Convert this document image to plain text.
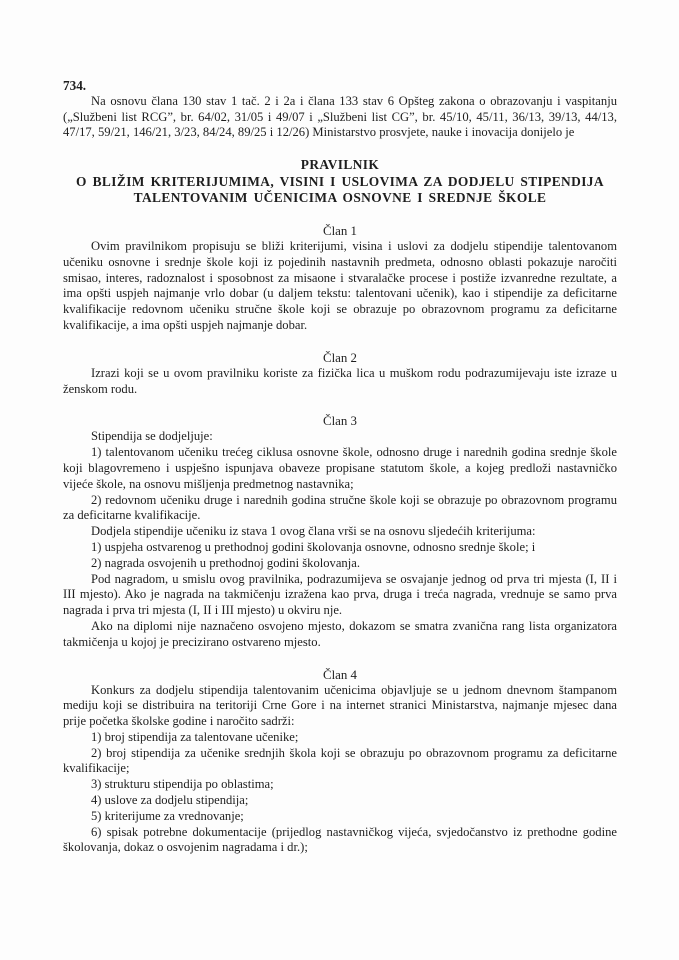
734.

Na osnovu člana 130 stav 1 tač. 2 i 2a i člana 133 stav 6 Opšteg zakona o obrazovanju i vaspitanju („Službeni list RCG”, br. 64/02, 31/05 i 49/07 i „Službeni list CG”, br. 45/10, 45/11, 36/13, 39/13, 44/13, 47/17, 59/21, 146/21, 3/23, 84/24, 89/25 i 12/26) Ministarstvo prosvjete, nauke i inovacija donijelo je

PRAVILNIK
O BLIŽIM KRITERIJUMIMA, VISINI I USLOVIMA ZA DODJELU STIPENDIJA
TALENTOVANIM UČENICIMA OSNOVNE I SREDNJE ŠKOLE
Član 1

Ovim pravilnikom propisuju se bliži kriterijumi, visina i uslovi za dodjelu stipendije talentovanom učeniku osnovne i srednje škole koji iz pojedinih nastavnih predmeta, odnosno oblasti pokazuje naročiti smisao, interes, radoznalost i sposobnost za misaone i stvaralačke procese i postiže izvanredne rezultate, a ima opšti uspjeh najmanje vrlo dobar (u daljem tekstu: talentovani učenik), kao i stipendije za deficitarne kvalifikacije redovnom učeniku stručne škole koji se obrazuje po obrazovnom programu za deficitarne kvalifikacije, a ima opšti uspjeh najmanje dobar.

Član 2

Izrazi koji se u ovom pravilniku koriste za fizička lica u muškom rodu podrazumijevaju iste izraze u ženskom rodu.

Član 3

Stipendija se dodjeljuje:

1) talentovanom učeniku trećeg ciklusa osnovne škole, odnosno druge i narednih godina srednje škole koji blagovremeno i uspješno ispunjava obaveze propisane statutom škole, a kojeg predloži nastavničko vijeće škole, na osnovu mišljenja predmetnog nastavnika;

2) redovnom učeniku druge i narednih godina stručne škole koji se obrazuje po obrazovnom programu za deficitarne kvalifikacije.

Dodjela stipendije učeniku iz stava 1 ovog člana vrši se na osnovu sljedećih kriterijuma:

1) uspjeha ostvarenog u prethodnoj godini školovanja osnovne, odnosno srednje škole; i

2) nagrada osvojenih u prethodnoj godini školovanja.

Pod nagradom, u smislu ovog pravilnika, podrazumijeva se osvajanje jednog od prva tri mjesta (I, II i III mjesto). Ako je nagrada na takmičenju izražena kao prva, druga i treća nagrada, vrednuje se samo prva nagrada i prva tri mjesta (I, II i III mjesto) u okviru nje.

Ako na diplomi nije naznačeno osvojeno mjesto, dokazom se smatra zvanična rang lista organizatora takmičenja u kojoj je precizirano ostvareno mjesto.

Član 4

Konkurs za dodjelu stipendija talentovanim učenicima objavljuje se u jednom dnevnom štampanom mediju koji se distribuira na teritoriji Crne Gore i na internet stranici Ministarstva, najmanje mjesec dana prije početka školske godine i naročito sadrži:

1) broj stipendija za talentovane učenike;

2) broj stipendija za učenike srednjih škola koji se obrazuju po obrazovnom programu za deficitarne kvalifikacije;

3) strukturu stipendija po oblastima;

4) uslove za dodjelu stipendija;

5) kriterijume za vrednovanje;

6) spisak potrebne dokumentacije (prijedlog nastavničkog vijeća, svjedočanstvo iz prethodne godine školovanja, dokaz o osvojenim nagradama i dr.);
